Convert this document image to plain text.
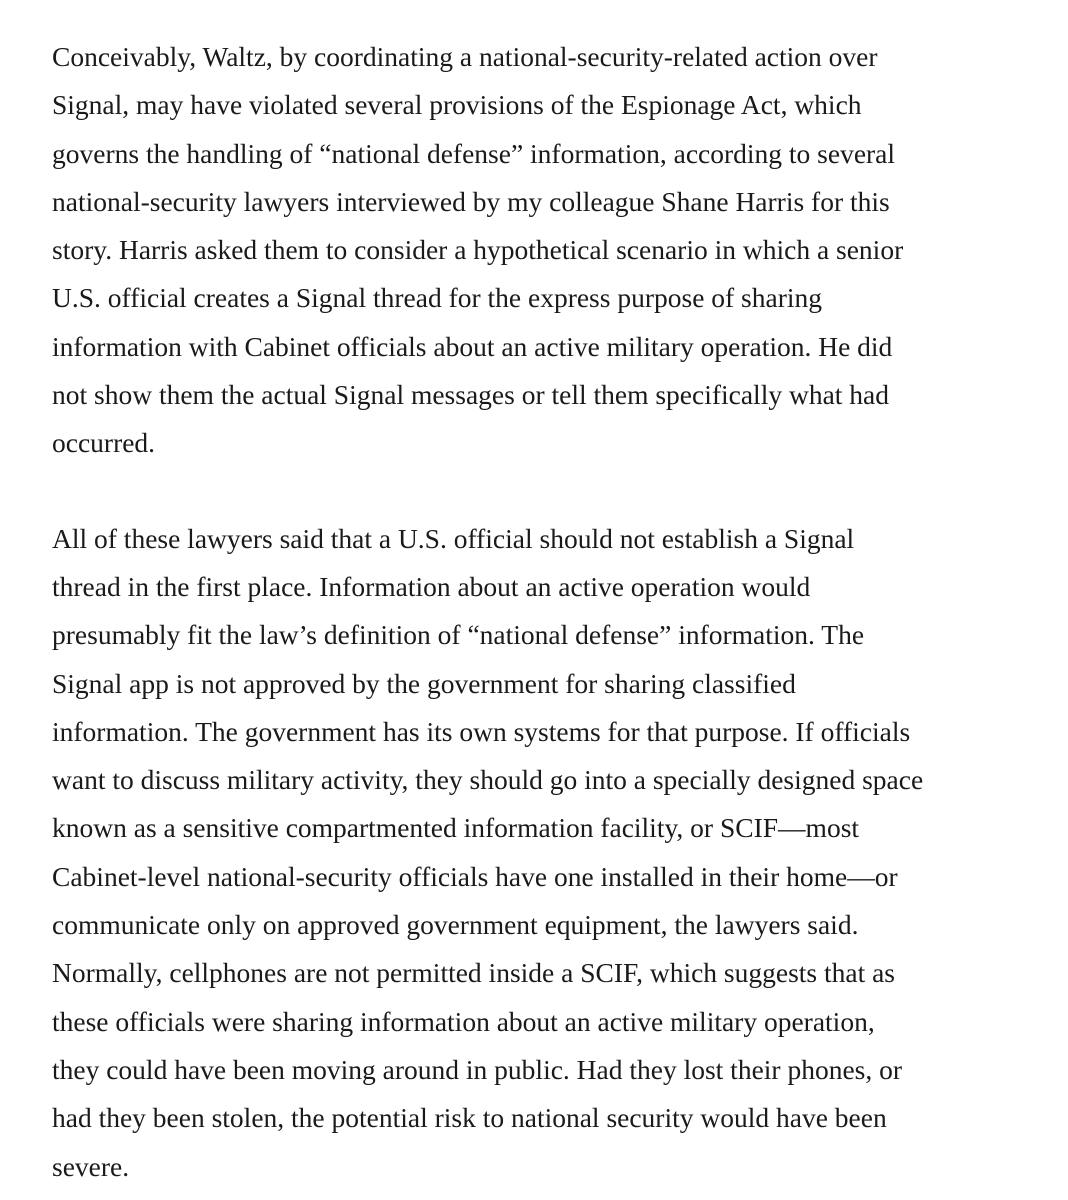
Conceivably, Waltz, by coordinating a national-security-related action over
Signal, may have violated several provisions of the Espionage Act, which
governs the handling of “national defense” information, according to several
national-security lawyers interviewed by my colleague Shane Harris for this
story. Harris asked them to consider a hypothetical scenario in which a senior
U.S. official creates a Signal thread for the express purpose of sharing
information with Cabinet officials about an active military operation. He did
not show them the actual Signal messages or tell them specifically what had
occurred.

All of these lawyers said that a U.S. official should not establish a Signal
thread in the first place. Information about an active operation would
presumably fit the law’s definition of “national defense” information. The
Signal app is not approved by the government for sharing classified
information. The government has its own systems for that purpose. If officials
want to discuss military activity, they should go into a specially designed space
known as a sensitive compartmented information facility, or SCIF—most
Cabinet-level national-security officials have one installed in their home—or
communicate only on approved government equipment, the lawyers said.
Normally, cellphones are not permitted inside a SCIF, which suggests that as
these officials were sharing information about an active military operation,
they could have been moving around in public. Had they lost their phones, or
had they been stolen, the potential risk to national security would have been
severe.
